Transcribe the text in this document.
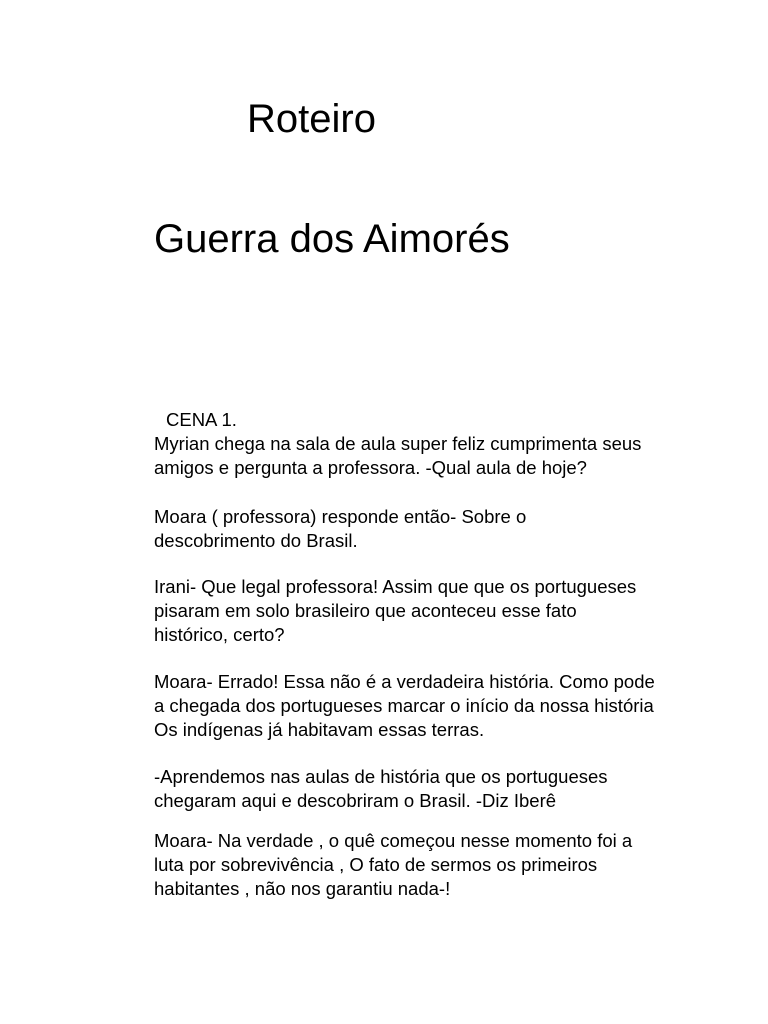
Roteiro
Guerra dos Aimorés
CENA 1.
Myrian chega na sala de aula super feliz cumprimenta seus
amigos e pergunta a professora. -Qual aula de hoje?
Moara ( professora) responde então- Sobre o
descobrimento do Brasil.
Irani- Que legal professora! Assim que que os portugueses
pisaram em solo brasileiro que aconteceu esse fato
histórico, certo?
Moara- Errado! Essa não é a verdadeira história. Como pode
a chegada dos portugueses marcar o início da nossa história
Os indígenas já habitavam essas terras.
-Aprendemos nas aulas de história que os portugueses
chegaram aqui e descobriram o Brasil. -Diz Iberê
Moara- Na verdade , o quê começou nesse momento foi a
luta por sobrevivência , O fato de sermos os primeiros
habitantes , não nos garantiu nada-!
